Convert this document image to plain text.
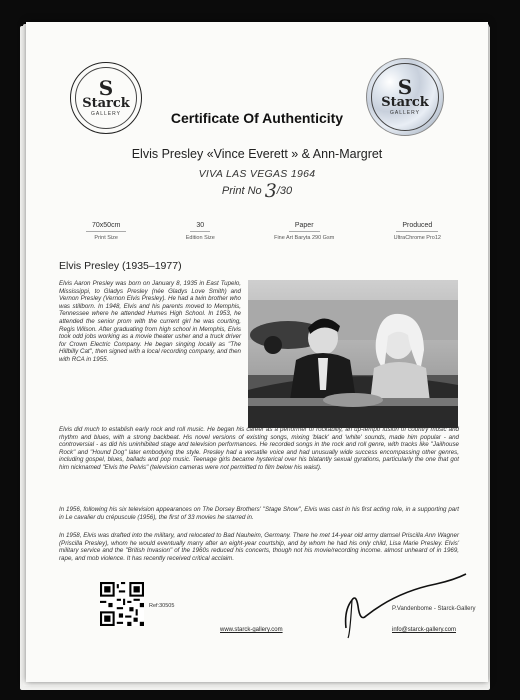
S
Starck
GALLERY
S
Starck
GALLERY
Certificate Of Authenticity
Elvis Presley «Vince Everett » & Ann-Margret
VIVA LAS VEGAS 1964
Print No 3/30
70x50cm
Print Size
30
Edition Size
Paper
Fine Art Baryta 290 Gsm
Produced
UltraChrome Pro12
Elvis Presley (1935–1977)

Elvis Aaron Presley was born on January 8, 1935 in East Tupelo, Mississippi, to Gladys Presley (née Gladys Love Smith) and Vernon Presley (Vernon Elvis Presley). He had a twin brother who was stillborn. In 1948, Elvis and his parents moved to Memphis, Tennessee where he attended Humes High School. In 1953, he attended the senior prom with the current girl he was courting, Regis Wilson. After graduating from high school in Memphis, Elvis took odd jobs working as a movie theater usher and a truck driver for Crown Electric Company. He began singing locally as "The Hillbilly Cat", then signed with a local recording company, and then with RCA in 1955.

Elvis did much to establish early rock and roll music. He began his career as a performer of rockabilly, an up-tempo fusion of country music and rhythm and blues, with a strong backbeat. His novel versions of existing songs, mixing 'black' and 'white' sounds, made him popular - and controversial - as did his uninhibited stage and television performances. He recorded songs in the rock and roll genre, with tracks like "Jailhouse Rock" and "Hound Dog" later embodying the style. Presley had a versatile voice and had unusually wide success encompassing other genres, including gospel, blues, ballads and pop music. Teenage girls became hysterical over his blatantly sexual gyrations, particularly the one that got him nicknamed "Elvis the Pelvis" (television cameras were not permitted to film below his waist).

In 1956, following his six television appearances on The Dorsey Brothers' "Stage Show", Elvis was cast in his first acting role, in a supporting part in Le cavalier du crépuscule (1956), the first of 33 movies he starred in.

In 1958, Elvis was drafted into the military, and relocated to Bad Nauheim, Germany. There he met 14-year old army damsel Priscilla Ann Wagner (Priscilla Presley), whom he would eventually marry after an eight-year courtship, and by whom he had his only child, Lisa Marie Presley. Elvis' military service and the "British Invasion" of the 1960s reduced his concerts, though not his movie/recording income. almost unheard of in 1969, rape, and mob violence. It has recently received critical acclaim.

Ref:30505
www.starck-gallery.com
P.Vandenbome - Starck-Gallery
info@starck-gallery.com
